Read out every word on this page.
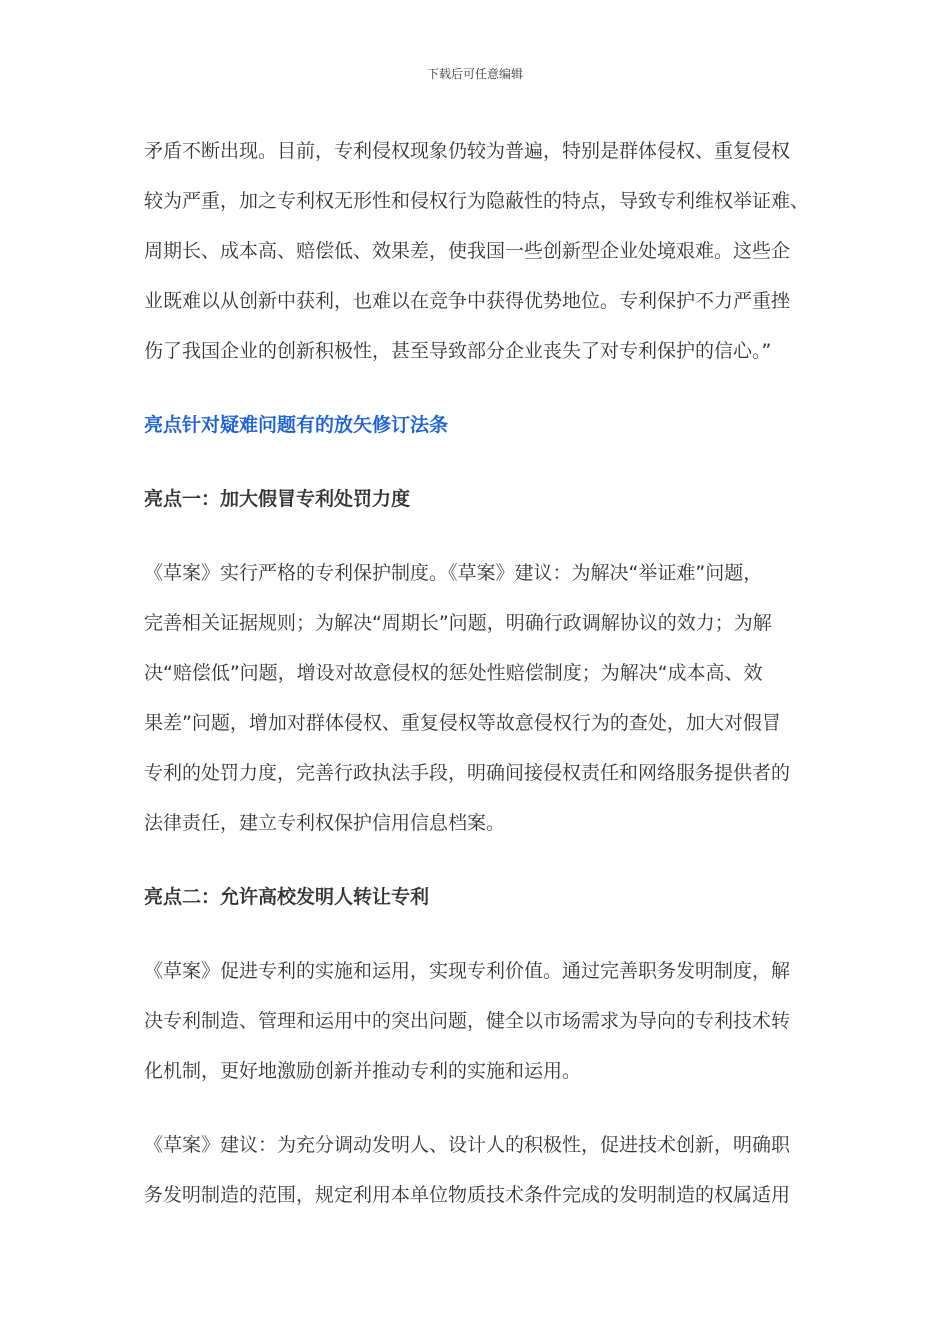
下载后可任意编辑
矛盾不断出现。目前，专利侵权现象仍较为普遍，特别是群体侵权、重复侵权
较为严重，加之专利权无形性和侵权行为隐蔽性的特点，导致专利维权举证难、
周期长、成本高、赔偿低、效果差，使我国一些创新型企业处境艰难。这些企
业既难以从创新中获利，也难以在竞争中获得优势地位。专利保护不力严重挫
伤了我国企业的创新积极性，甚至导致部分企业丧失了对专利保护的信心。”
亮点针对疑难问题有的放矢修订法条
亮点一：加大假冒专利处罚力度
《草案》实行严格的专利保护制度。《草案》建议：为解决“举证难”问题，
完善相关证据规则；为解决“周期长”问题，明确行政调解协议的效力；为解
决“赔偿低”问题，增设对故意侵权的惩处性赔偿制度；为解决“成本高、效
果差”问题，增加对群体侵权、重复侵权等故意侵权行为的查处，加大对假冒
专利的处罚力度，完善行政执法手段，明确间接侵权责任和网络服务提供者的
法律责任，建立专利权保护信用信息档案。
亮点二：允许高校发明人转让专利
《草案》促进专利的实施和运用，实现专利价值。通过完善职务发明制度，解
决专利制造、管理和运用中的突出问题，健全以市场需求为导向的专利技术转
化机制，更好地激励创新并推动专利的实施和运用。
《草案》建议：为充分调动发明人、设计人的积极性，促进技术创新，明确职
务发明制造的范围，规定利用本单位物质技术条件完成的发明制造的权属适用
